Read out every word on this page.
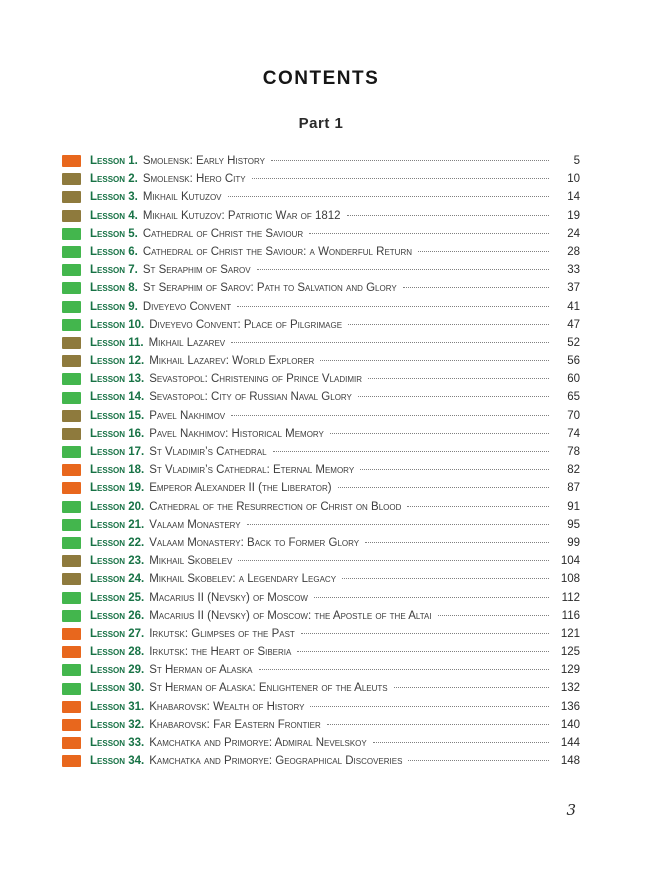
CONTENTS
Part 1
Lesson 1. Smolensk: Early History	5
Lesson 2. Smolensk: Hero City	10
Lesson 3. Mikhail Kutuzov	14
Lesson 4. Mikhail Kutuzov: Patriotic War of 1812	19
Lesson 5. Cathedral of Christ the Saviour	24
Lesson 6. Cathedral of Christ the Saviour: a Wonderful Return	28
Lesson 7. St Seraphim of Sarov	33
Lesson 8. St Seraphim of Sarov: Path to Salvation and Glory	37
Lesson 9. Diveyevo Convent	41
Lesson 10. Diveyevo Convent: Place of Pilgrimage	47
Lesson 11. Mikhail Lazarev	52
Lesson 12. Mikhail Lazarev: World Explorer	56
Lesson 13. Sevastopol: Christening of Prince Vladimir	60
Lesson 14. Sevastopol: City of Russian Naval Glory	65
Lesson 15. Pavel Nakhimov	70
Lesson 16. Pavel Nakhimov: Historical Memory	74
Lesson 17. St Vladimir’s Cathedral	78
Lesson 18. St Vladimir’s Cathedral: Eternal Memory	82
Lesson 19. Emperor Alexander II (the Liberator)	87
Lesson 20. Cathedral of the Resurrection of Christ on Blood	91
Lesson 21. Valaam Monastery	95
Lesson 22. Valaam Monastery: Back to Former Glory	99
Lesson 23. Mikhail Skobelev	104
Lesson 24. Mikhail Skobelev: a Legendary Legacy	108
Lesson 25. Macarius II (Nevsky) of Moscow	112
Lesson 26. Macarius II (Nevsky) of Moscow: the Apostle of the Altai	116
Lesson 27. Irkutsk: Glimpses of the Past	121
Lesson 28. Irkutsk: the Heart of Siberia	125
Lesson 29. St Herman of Alaska	129
Lesson 30. St Herman of Alaska: Enlightener of the Aleuts	132
Lesson 31. Khabarovsk: Wealth of History	136
Lesson 32. Khabarovsk: Far Eastern Frontier	140
Lesson 33. Kamchatka and Primorye: Admiral Nevelskoy	144
Lesson 34. Kamchatka and Primorye: Geographical Discoveries	148
3
